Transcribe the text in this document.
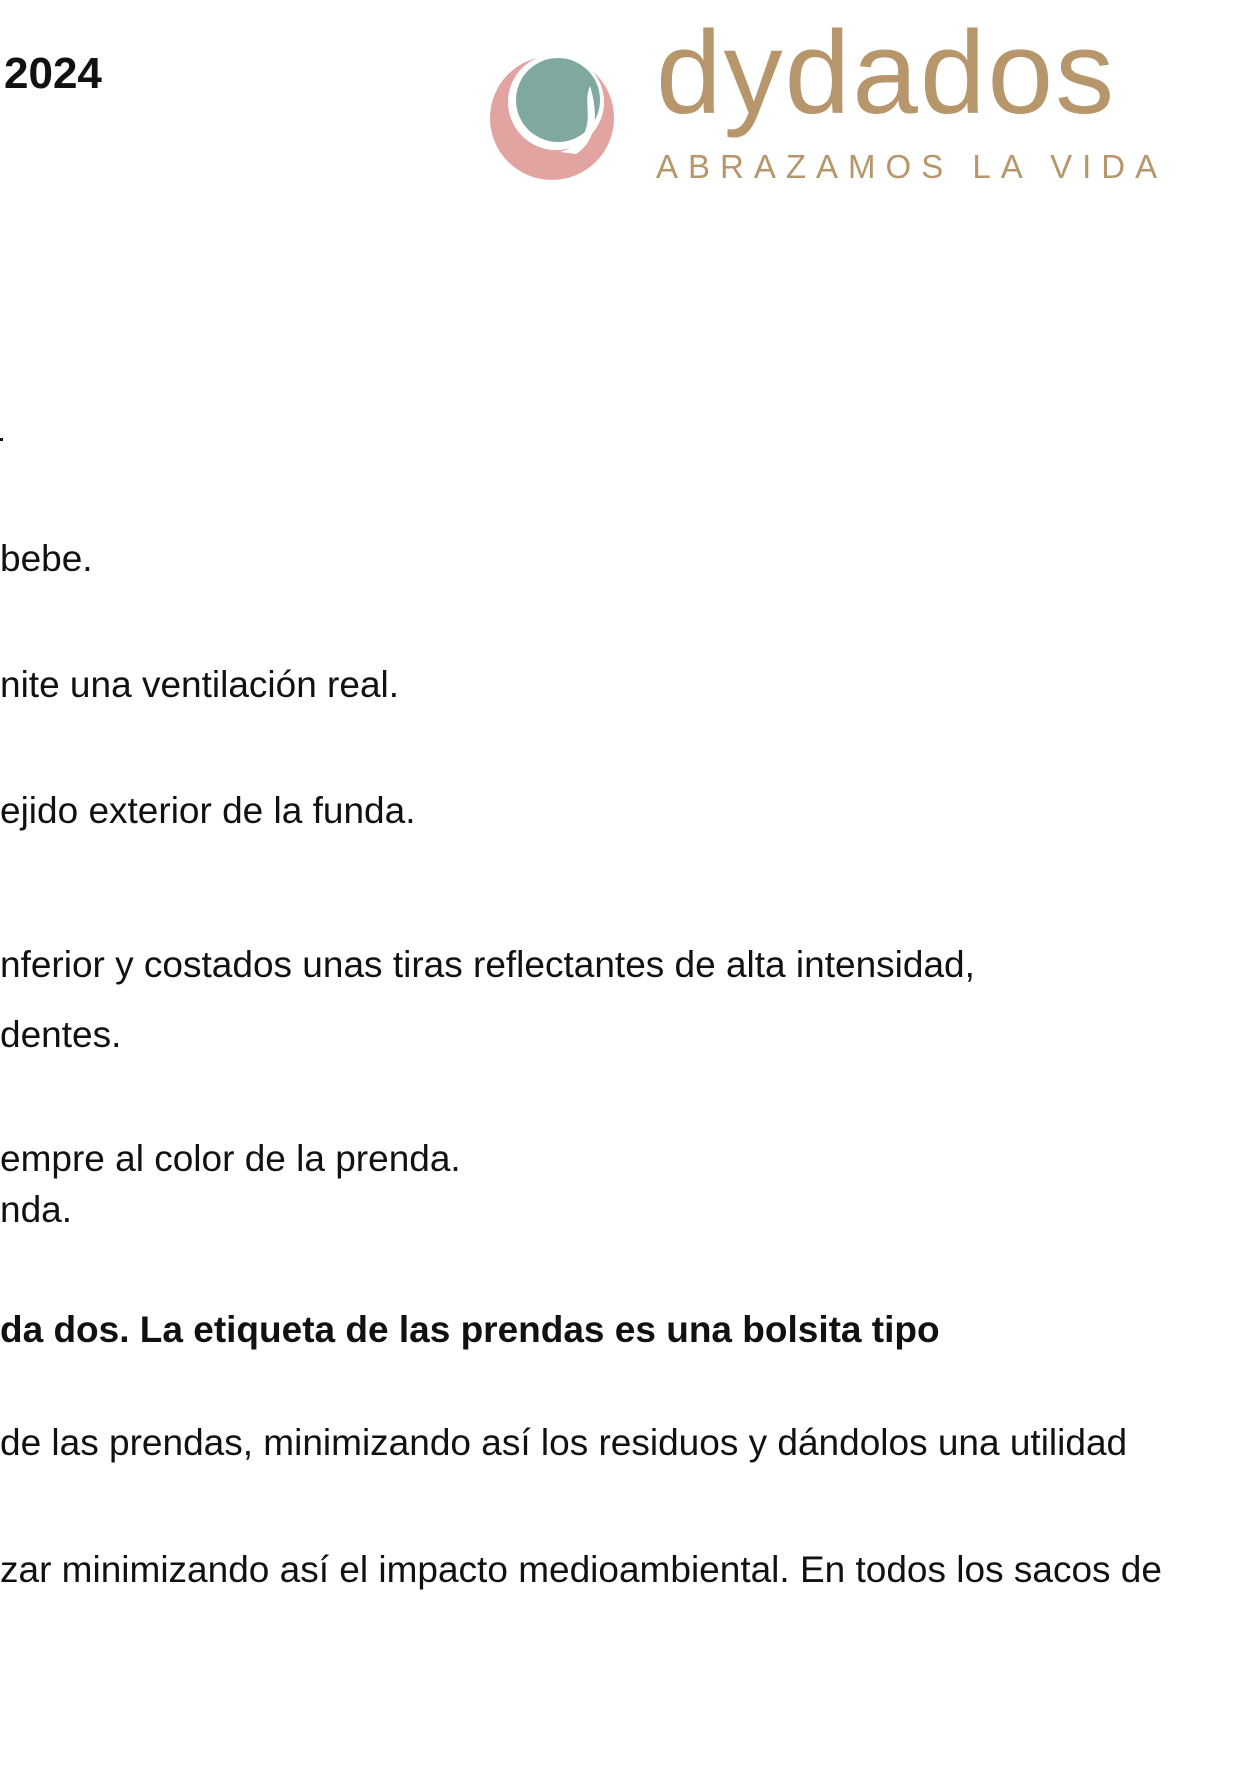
2024	dydados
ABRAZAMOS LA VIDA

bebe.

nite una ventilación real.

ejido exterior de la funda.

nferior y costados unas tiras reflectantes de alta intensidad,

dentes.

empre al color de la prenda.

nda.

da dos. La etiqueta de las prendas es una bolsita tipo

de las prendas, minimizando así los residuos y dándolos una utilidad

zar minimizando así el impacto medioambiental. En todos los sacos de
